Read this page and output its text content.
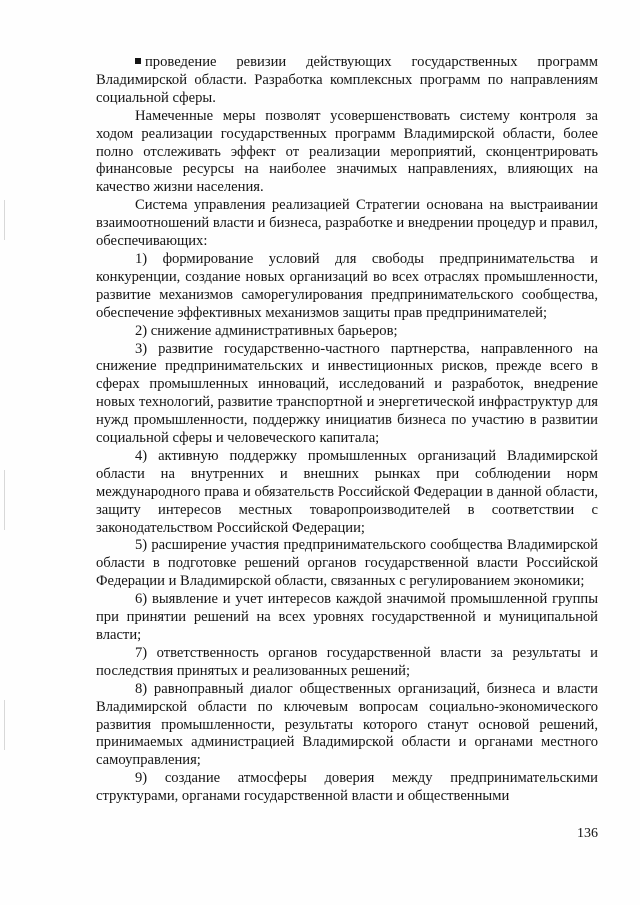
проведение ревизии действующих государственных программ Владимирской области. Разработка комплексных программ по направлениям социальной сферы.

Намеченные меры позволят усовершенствовать систему контроля за ходом реализации государственных программ Владимирской области, более полно отслеживать эффект от реализации мероприятий, сконцентрировать финансовые ресурсы на наиболее значимых направлениях, влияющих на качество жизни населения.

Система управления реализацией Стратегии основана на выстраивании взаимоотношений власти и бизнеса, разработке и внедрении процедур и правил, обеспечивающих:

1) формирование условий для свободы предпринимательства и конкуренции, создание новых организаций во всех отраслях промышленности, развитие механизмов саморегулирования предпринимательского сообщества, обеспечение эффективных механизмов защиты прав предпринимателей;

2) снижение административных барьеров;

3) развитие государственно-частного партнерства, направленного на снижение предпринимательских и инвестиционных рисков, прежде всего в сферах промышленных инноваций, исследований и разработок, внедрение новых технологий, развитие транспортной и энергетической инфраструктур для нужд промышленности, поддержку инициатив бизнеса по участию в развитии социальной сферы и человеческого капитала;

4) активную поддержку промышленных организаций Владимирской области на внутренних и внешних рынках при соблюдении норм международного права и обязательств Российской Федерации в данной области, защиту интересов местных товаропроизводителей в соответствии с законодательством Российской Федерации;

5) расширение участия предпринимательского сообщества Владимирской области в подготовке решений органов государственной власти Российской Федерации и Владимирской области, связанных с регулированием экономики;

6) выявление и учет интересов каждой значимой промышленной группы при принятии решений на всех уровнях государственной и муниципальной власти;

7) ответственность органов государственной власти за результаты и последствия принятых и реализованных решений;

8) равноправный диалог общественных организаций, бизнеса и власти Владимирской области по ключевым вопросам социально-экономического развития промышленности, результаты которого станут основой решений, принимаемых администрацией Владимирской области и органами местного самоуправления;

9) создание атмосферы доверия между предпринимательскими структурами, органами государственной власти и общественными

136
